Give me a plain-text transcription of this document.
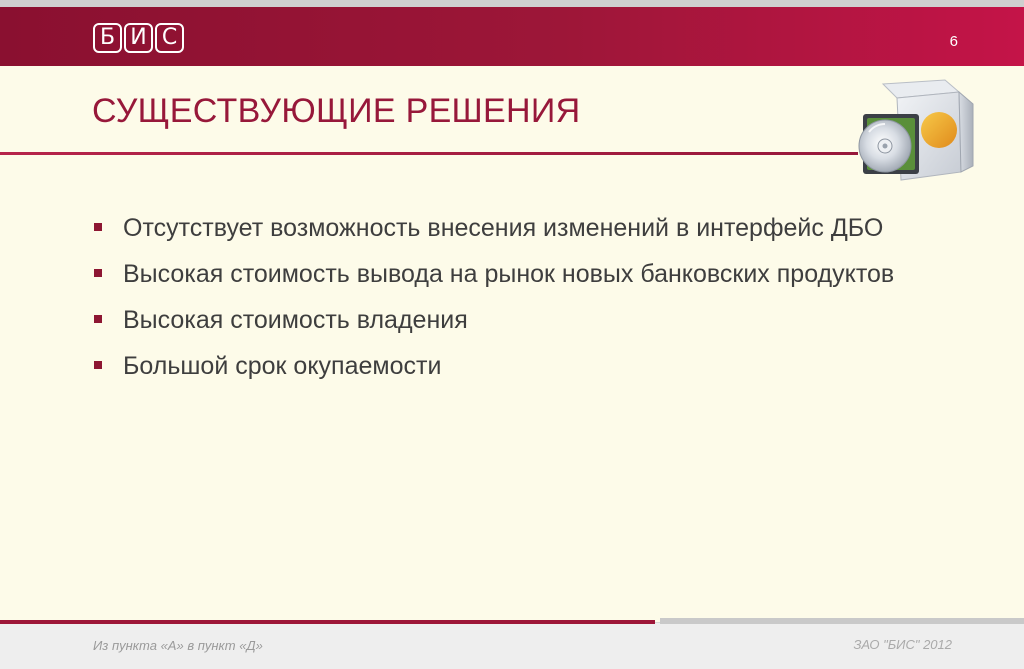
Б И С	6
СУЩЕСТВУЮЩИЕ РЕШЕНИЯ
Отсутствует возможность внесения изменений в интерфейс ДБО
Высокая стоимость вывода на рынок новых банковских продуктов
Высокая стоимость владения
Большой срок окупаемости
Из пункта «А» в пункт «Д»	ЗАО "БИС" 2012
